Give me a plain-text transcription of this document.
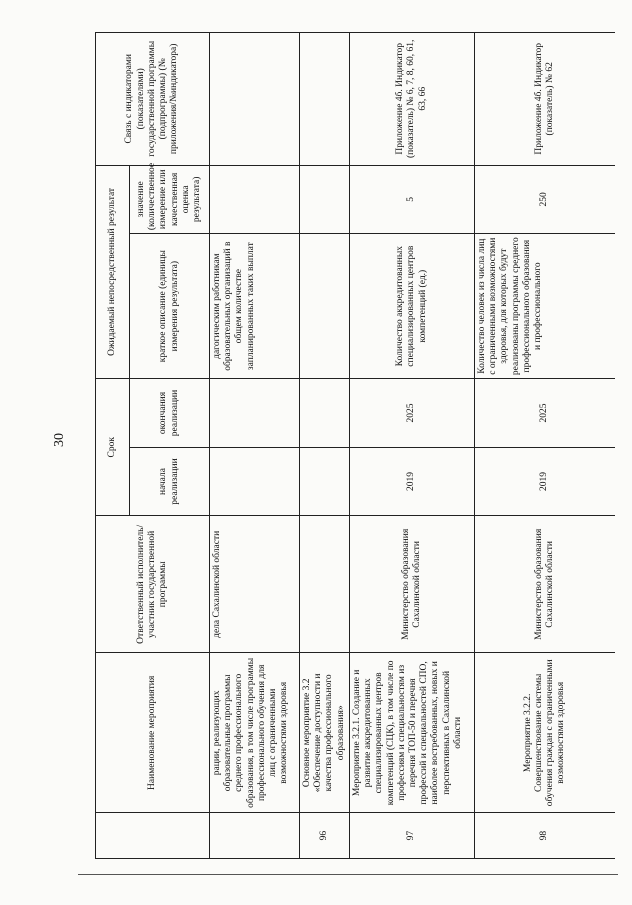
30
	Наименование мероприятия	Ответственный исполнитель/участник государственной программы	Срок		Ожидаемый непосредственный результат		Связь с индикаторами (показателями) государственной программы (подпрограммы) (№ приложения/№индикатора)
			начала реализации	окончания реализации	краткое описание (единицы измерения результата)	значение (количественное измерение или качественная оценка результата)	
	рации, реализующих образовательные программы среднего профессионального образования, в том числе программы профессионального обучения для лиц с ограниченными возможностями здоровья	дела Сахалинской области			дагогическим работникам образовательных организаций в общем количестве запланированных таких выплат		
96	Основное мероприятие 3.2 «Обеспечение доступности и качества профессионального образования»						
97	Мероприятие 3.2.1. Создание и развитие аккредитованных специализированных центров компетенций (СЦК), в том числе по профессиям и специальностям из перечня ТОП-50 и перечня профессий и специальностей СПО, наиболее востребованных, новых и перспективных в Сахалинской области	Министерство образования Сахалинской области	2019	2025	Количество аккредитованных специализированных центров компетенций (ед.)	5	Приложение 4б. Индикатор (показатель) № 6, 7, 8, 60, 61, 63, 66
98	Мероприятие 3.2.2. Совершенствование системы обучения граждан с ограниченными возможностями здоровья	Министерство образования Сахалинской области	2019	2025	Количество человек из числа лиц с ограниченными возможностями здоровья, для которых будут реализованы программы среднего профессионального образования и профессионального	250	Приложение 4б. Индикатор (показатель) № 62
